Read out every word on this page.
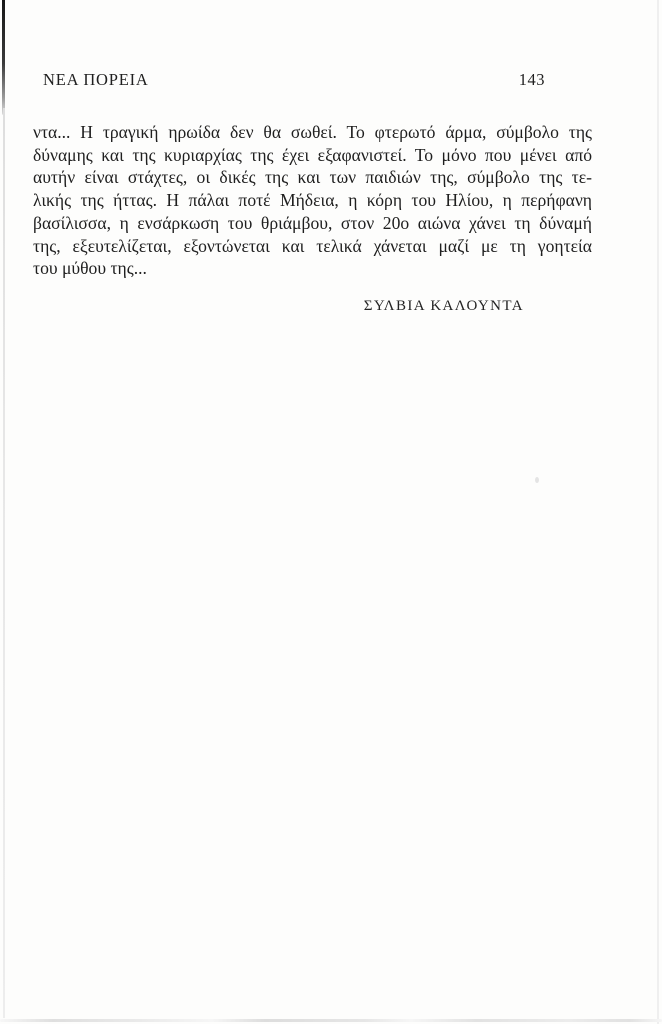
ΝΕΑ ΠΟΡΕΙΑ	143
ντα... Η τραγική ηρωίδα δεν θα σωθεί. Το φτερωτό άρμα, σύμβολο της
δύναμης και της κυριαρχίας της έχει εξαφανιστεί. Το μόνο που μένει από
αυτήν είναι στάχτες, οι δικές της και των παιδιών της, σύμβολο της τε-
λικής της ήττας. Η πάλαι ποτέ Μήδεια, η κόρη του Ηλίου, η περήφανη
βασίλισσα, η ενσάρκωση του θριάμβου, στον 20ο αιώνα χάνει τη δύναμή
της, εξευτελίζεται, εξοντώνεται και τελικά χάνεται μαζί με τη γοητεία
του μύθου της...
ΣΥΛΒΙΑ ΚΑΛΟΥΝΤΑ
